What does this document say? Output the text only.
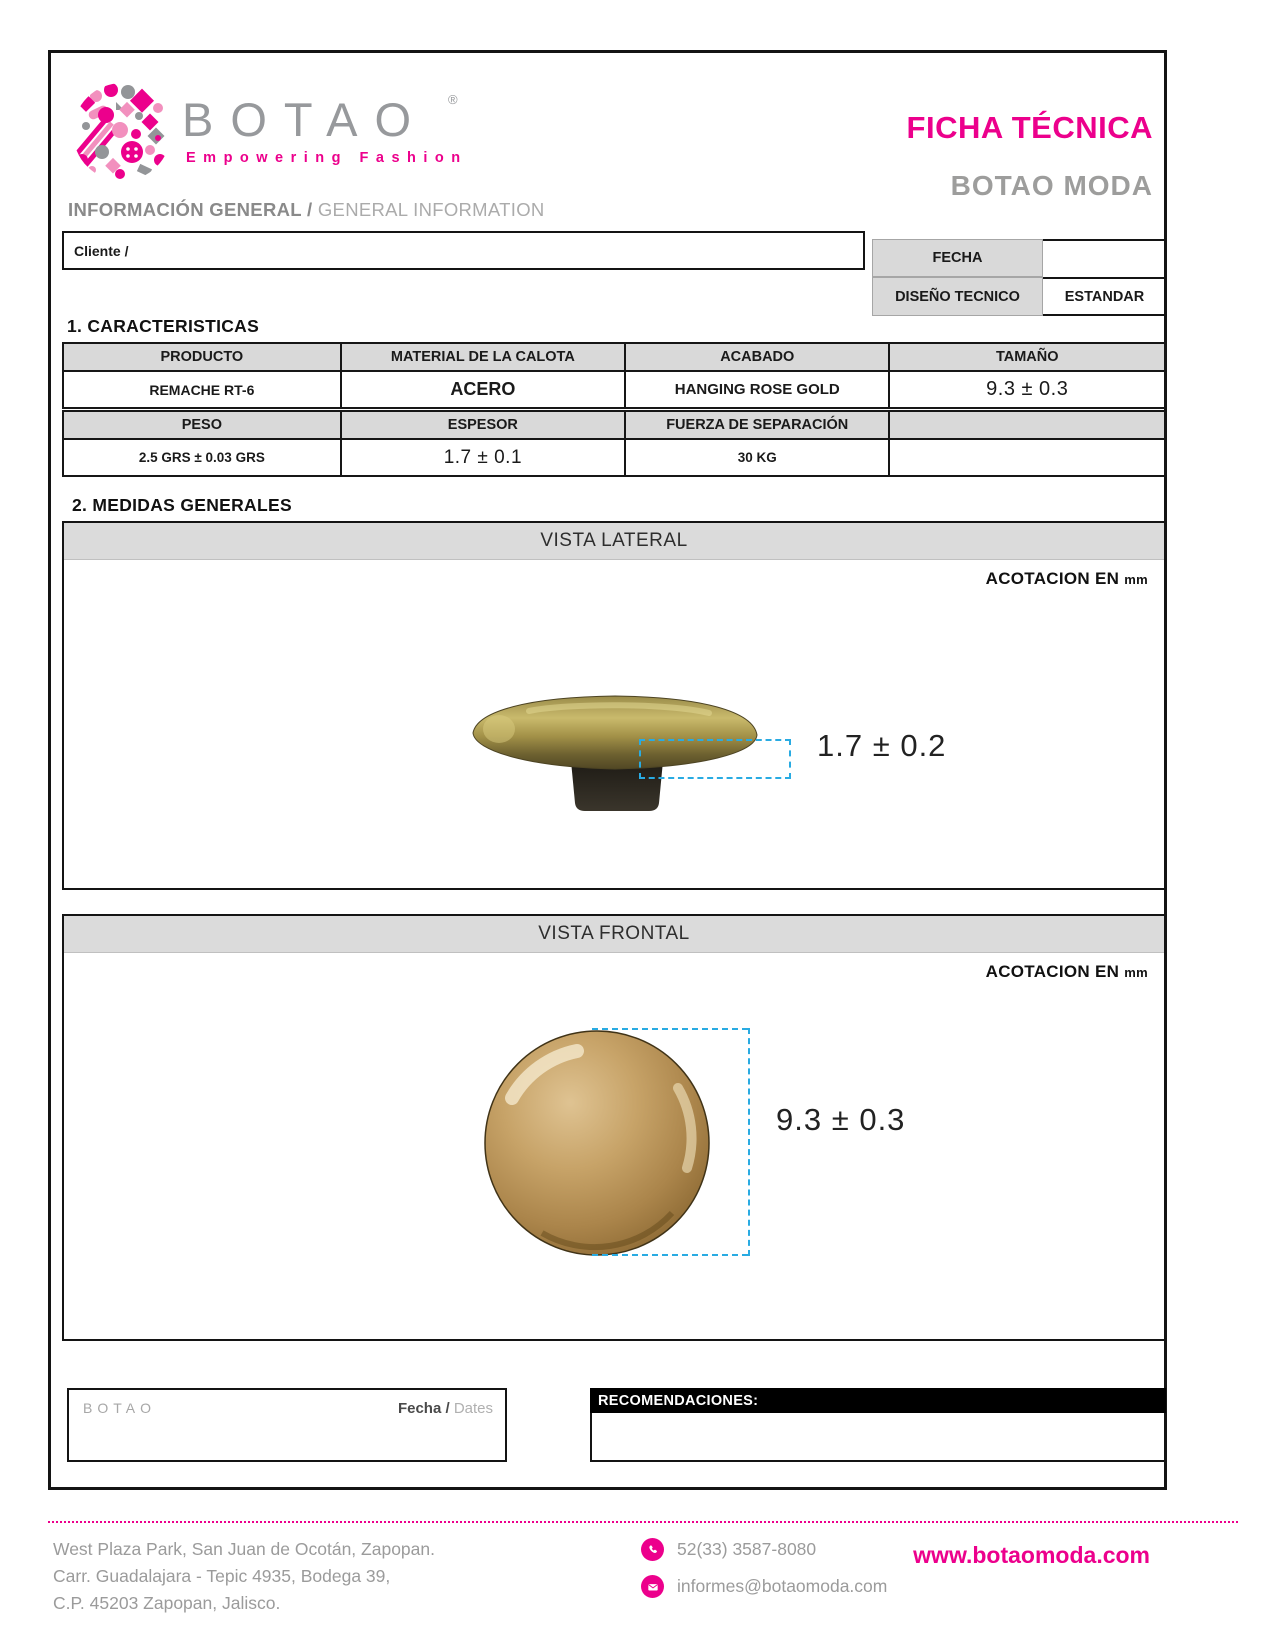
BOTAO ®
Empowering Fashion
FICHA TÉCNICA
BOTAO MODA
INFORMACIÓN GENERAL / GENERAL INFORMATION
Cliente /	FECHA
DISEÑO TECNICO	ESTANDAR
1. CARACTERISTICAS
PRODUCTO	MATERIAL DE LA CALOTA	ACABADO	TAMAÑO
REMACHE RT-6	ACERO	HANGING ROSE GOLD	9.3 ± 0.3
PESO	ESPESOR	FUERZA DE SEPARACIÓN	
2.5 GRS ± 0.03 GRS	1.7 ± 0.1	30 KG	
2. MEDIDAS GENERALES
VISTA LATERAL
ACOTACION EN mm
1.7 ± 0.2
VISTA FRONTAL
ACOTACION EN mm
9.3 ± 0.3
BOTAO	Fecha / Dates	RECOMENDACIONES:
West Plaza Park, San Juan de Ocotán, Zapopan.
Carr. Guadalajara - Tepic 4935, Bodega 39,
C.P. 45203 Zapopan, Jalisco.
52(33) 3587-8080
informes@botaomoda.com
www.botaomoda.com
